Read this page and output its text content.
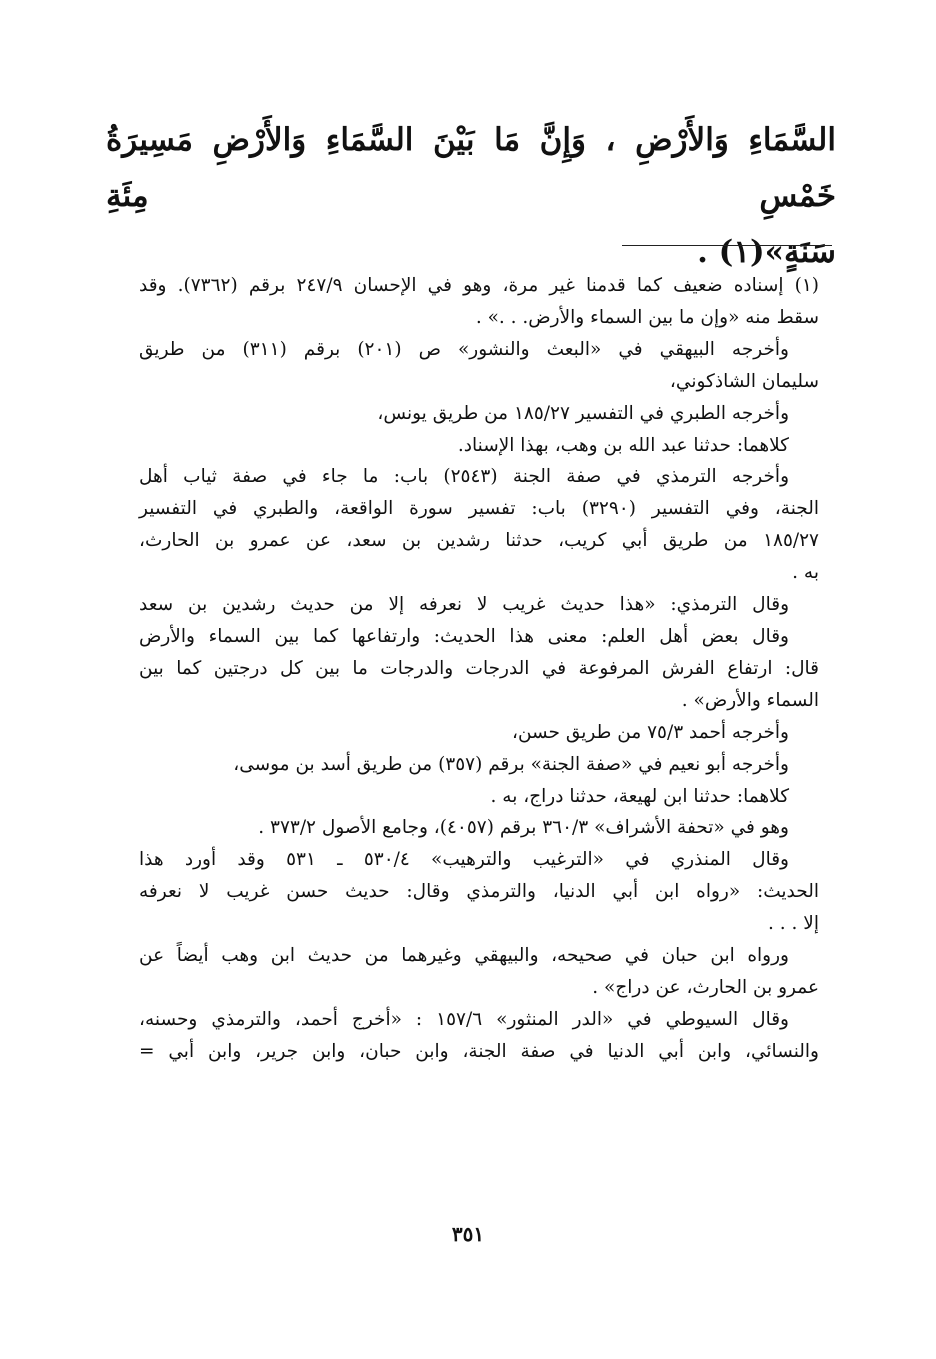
السَّمَاءِ وَالأَرْضِ ، وَإِنَّ مَا بَيْنَ السَّمَاءِ وَالأَرْضِ مَسِيرَةُ خَمْسِ مِئَةِ

سَنَةٍ»(١) .

(١) إسناده ضعيف كما قدمنا غير مرة، وهو في الإحسان ٢٤٧/٩ برقم (٧٣٦٢). وقد

سقط منه «وإن ما بين السماء والأرض. . .» .

وأخرجه البيهقي في «البعث والنشور» ص (٢٠١) برقم (٣١١) من طريق

سليمان الشاذكوني،

وأخرجه الطبري في التفسير ١٨٥/٢٧ من طريق يونس،

كلاهما: حدثنا عبد الله بن وهب، بهذا الإسناد.

وأخرجه الترمذي في صفة الجنة (٢٥٤٣) باب: ما جاء في صفة ثياب أهل

الجنة، وفي التفسير (٣٢٩٠) باب: تفسير سورة الواقعة، والطبري في التفسير

١٨٥/٢٧ من طريق أبي كريب، حدثنا رشدين بن سعد، عن عمرو بن الحارث،

به .

وقال الترمذي: «هذا حديث غريب لا نعرفه إلا من حديث رشدين بن سعد

وقال بعض أهل العلم: معنى هذا الحديث: وارتفاعها كما بين السماء والأرض

قال: ارتفاع الفرش المرفوعة في الدرجات والدرجات ما بين كل درجتين كما بين

السماء والأرض» .

وأخرجه أحمد ٧٥/٣ من طريق حسن،

وأخرجه أبو نعيم في «صفة الجنة» برقم (٣٥٧) من طريق أسد بن موسى،

كلاهما: حدثنا ابن لهيعة، حدثنا دراج، به .

وهو في «تحفة الأشراف» ٣٦٠/٣ برقم (٤٠٥٧)، وجامع الأصول ٣٧٣/٢ .

وقال المنذري في «الترغيب والترهيب» ٥٣٠/٤ ـ ٥٣١ وقد أورد هذا

الحديث: «رواه ابن أبي الدنيا، والترمذي وقال: حديث حسن غريب لا نعرفه

إلا . . .

ورواه ابن حبان في صحيحه، والبيهقي وغيرهما من حديث ابن وهب أيضاً عن

عمرو بن الحارث، عن دراج» .

وقال السيوطي في «الدر المنثور» ١٥٧/٦ : «أخرج أحمد، والترمذي وحسنه،

والنسائي، وابن أبي الدنيا في صفة الجنة، وابن حبان، وابن جرير، وابن أبي =

٣٥١
